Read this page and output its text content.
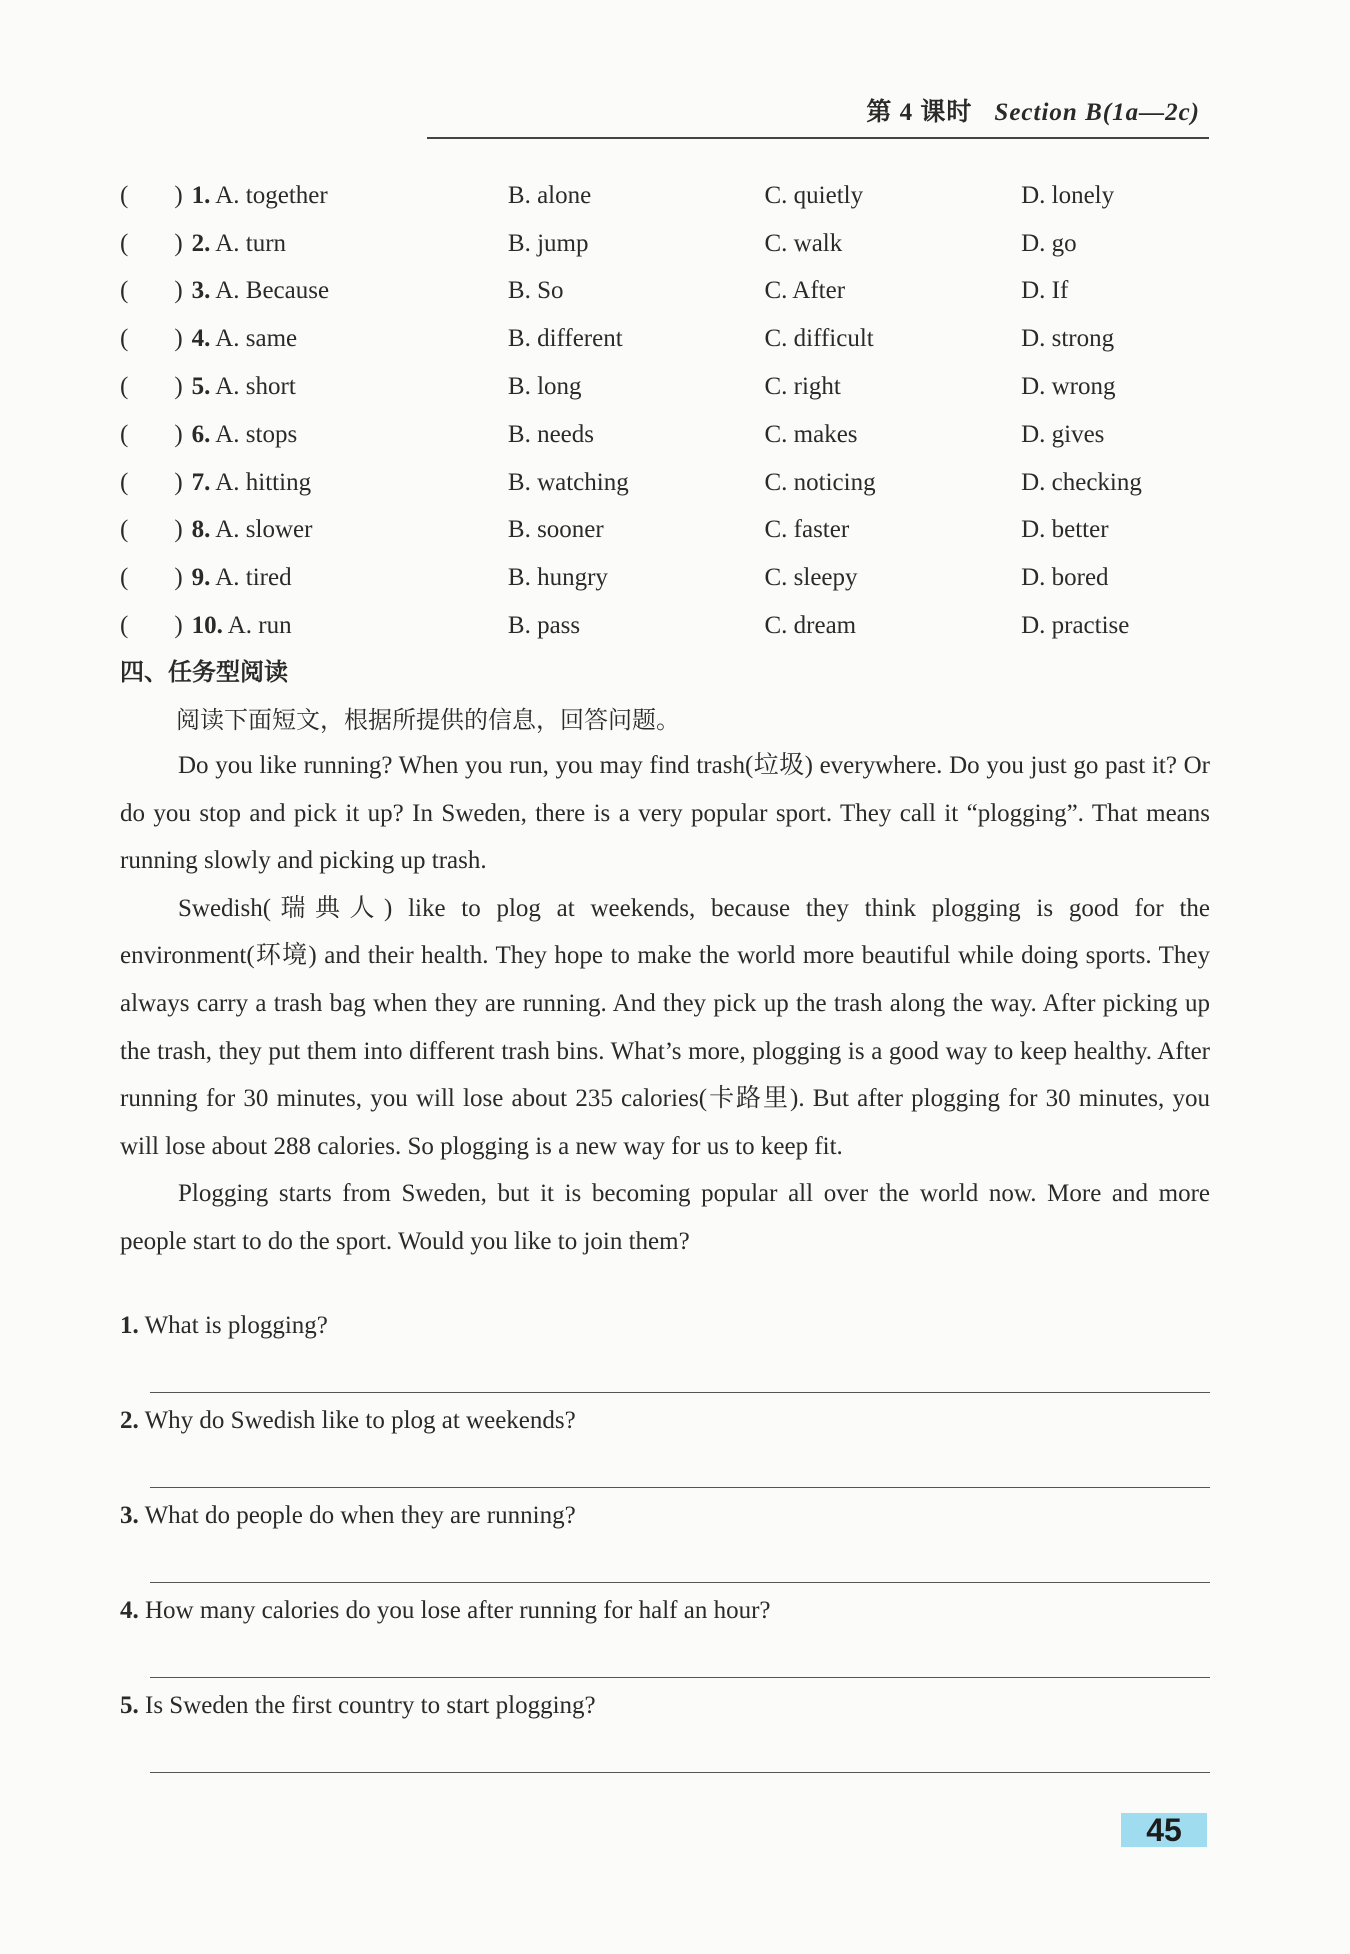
第 4 课时 Section B(1a—2c)
( ) 1. A. together	B. alone	C. quietly	D. lonely
( ) 2. A. turn	B. jump	C. walk	D. go
( ) 3. A. Because	B. So	C. After	D. If
( ) 4. A. same	B. different	C. difficult	D. strong
( ) 5. A. short	B. long	C. right	D. wrong
( ) 6. A. stops	B. needs	C. makes	D. gives
( ) 7. A. hitting	B. watching	C. noticing	D. checking
( ) 8. A. slower	B. sooner	C. faster	D. better
( ) 9. A. tired	B. hungry	C. sleepy	D. bored
( ) 10. A. run	B. pass	C. dream	D. practise
四、任务型阅读
阅读下面短文，根据所提供的信息，回答问题。

Do you like running? When you run, you may find trash(垃圾) everywhere. Do you just go past it? Or do you stop and pick it up? In Sweden, there is a very popular sport. They call it “plogging”. That means running slowly and picking up trash.

Swedish(瑞典人) like to plog at weekends, because they think plogging is good for the environment(环境) and their health. They hope to make the world more beautiful while doing sports. They always carry a trash bag when they are running. And they pick up the trash along the way. After picking up the trash, they put them into different trash bins. What’s more, plogging is a good way to keep healthy. After running for 30 minutes, you will lose about 235 calories(卡路里). But after plogging for 30 minutes, you will lose about 288 calories. So plogging is a new way for us to keep fit.

Plogging starts from Sweden, but it is becoming popular all over the world now. More and more people start to do the sport. Would you like to join them?

1. What is plogging?
2. Why do Swedish like to plog at weekends?
3. What do people do when they are running?
4. How many calories do you lose after running for half an hour?
5. Is Sweden the first country to start plogging?
45
